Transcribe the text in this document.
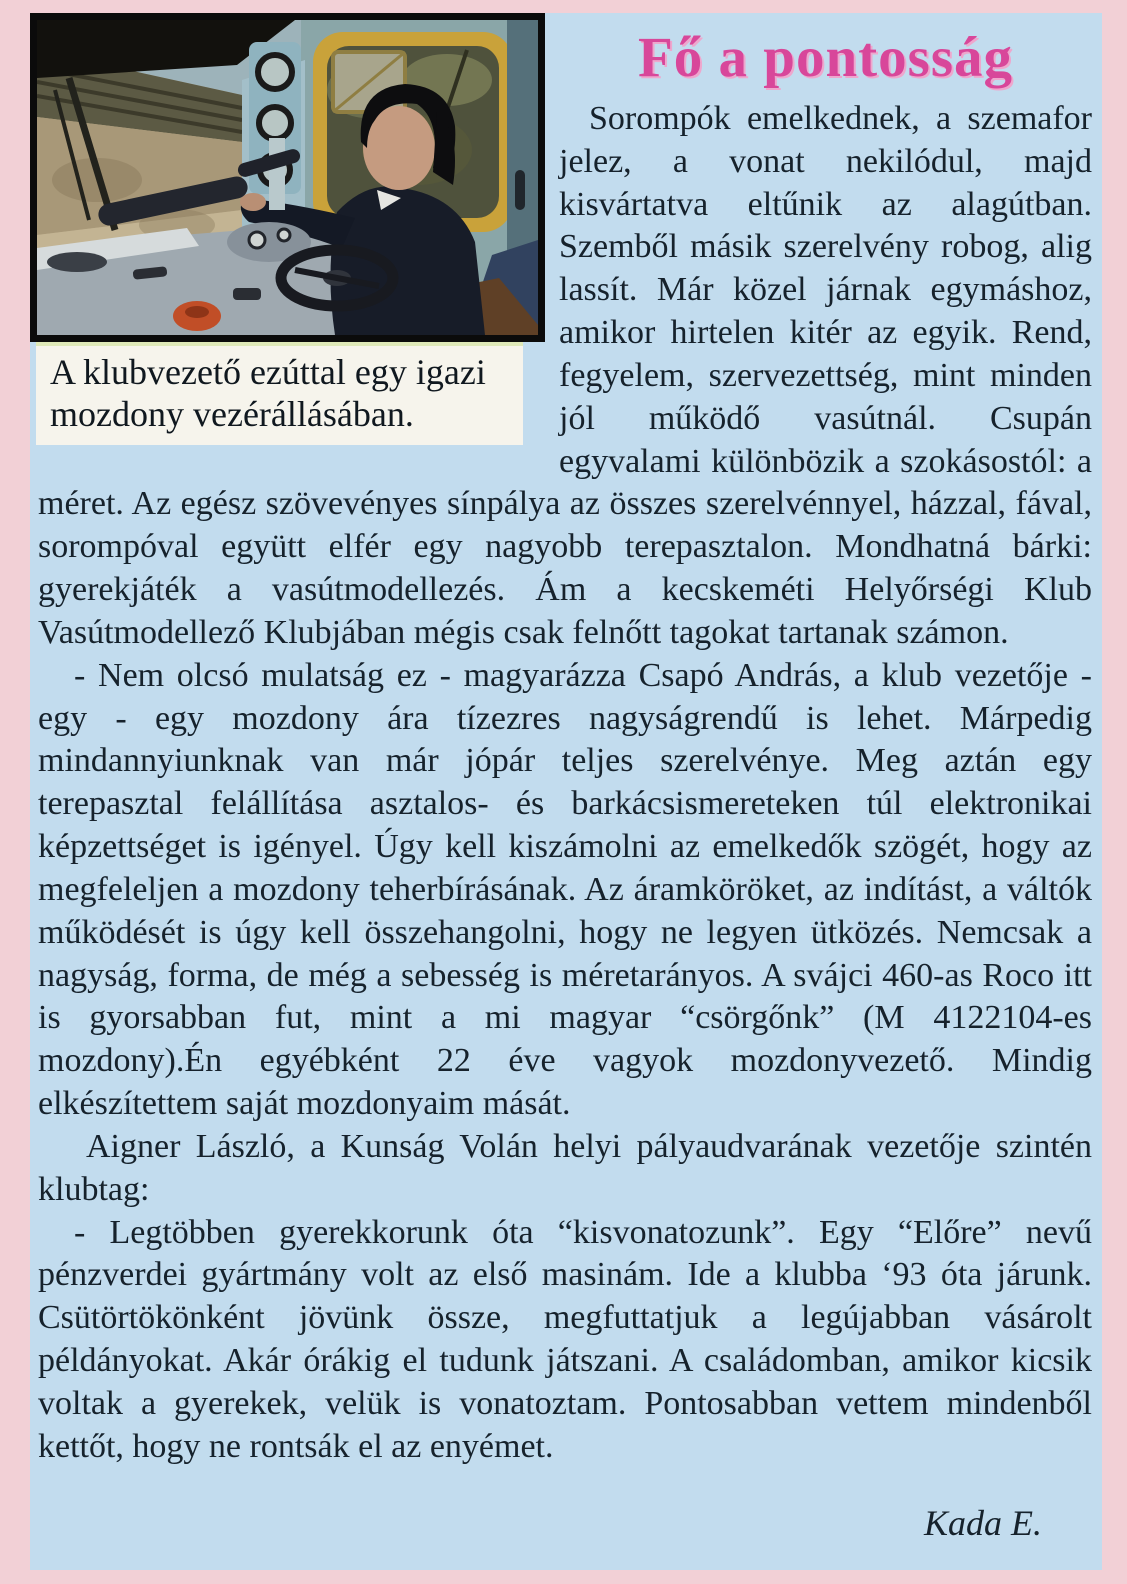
A klubvezető ezúttal egy igazi mozdony vezérállásában.
Fő a pontosság

Sorompók emelkednek, a szemafor jelez, a vonat nekilódul, majd kisvártatva eltűnik az alagútban. Szemből másik szerelvény robog, alig lassít. Már közel járnak egymáshoz, amikor hirtelen kitér az egyik. Rend, fegyelem, szervezettség, mint minden jól működő vasútnál. Csupán egyvalami különbözik a szokásostól: a méret. Az egész szövevényes sínpálya az összes szerelvénnyel, házzal, fával, sorompóval együtt elfér egy nagyobb terepasztalon. Mondhatná bárki: gyerekjáték a vasútmodellezés. Ám a kecskeméti Helyőrségi Klub Vasútmodellező Klubjában mégis csak felnőtt tagokat tartanak számon.

- Nem olcsó mulatság ez - magyarázza Csapó András, a klub vezetője - egy - egy mozdony ára tízezres nagyságrendű is lehet. Márpedig mindannyiunknak van már jópár teljes szerelvénye. Meg aztán egy terepasztal felállítása asztalos- és barkácsismereteken túl elektronikai képzettséget is igényel. Úgy kell kiszámolni az emelkedők szögét, hogy az megfeleljen a mozdony teherbírásának. Az áramköröket, az indítást, a váltók működését is úgy kell összehangolni, hogy ne legyen ütközés. Nemcsak a nagyság, forma, de még a sebesség is méretarányos. A svájci 460-as Roco itt is gyorsabban fut, mint a mi magyar “csörgőnk” (M 4122104-es mozdony).Én egyébként 22 éve vagyok mozdonyvezető. Mindig elkészítettem saját mozdonyaim mását.

Aigner László, a Kunság Volán helyi pályaudvarának vezetője szintén klubtag:

- Legtöbben gyerekkorunk óta “kisvonatozunk”. Egy “Előre” nevű pénzverdei gyártmány volt az első masinám. Ide a klubba ‘93 óta járunk. Csütörtökönként jövünk össze, megfuttatjuk a legújabban vásárolt példányokat. Akár órákig el tudunk játszani. A családomban, amikor kicsik voltak a gyerekek, velük is vonatoztam. Pontosabban vettem mindenből kettőt, hogy ne rontsák el az enyémet.

Kada E.
